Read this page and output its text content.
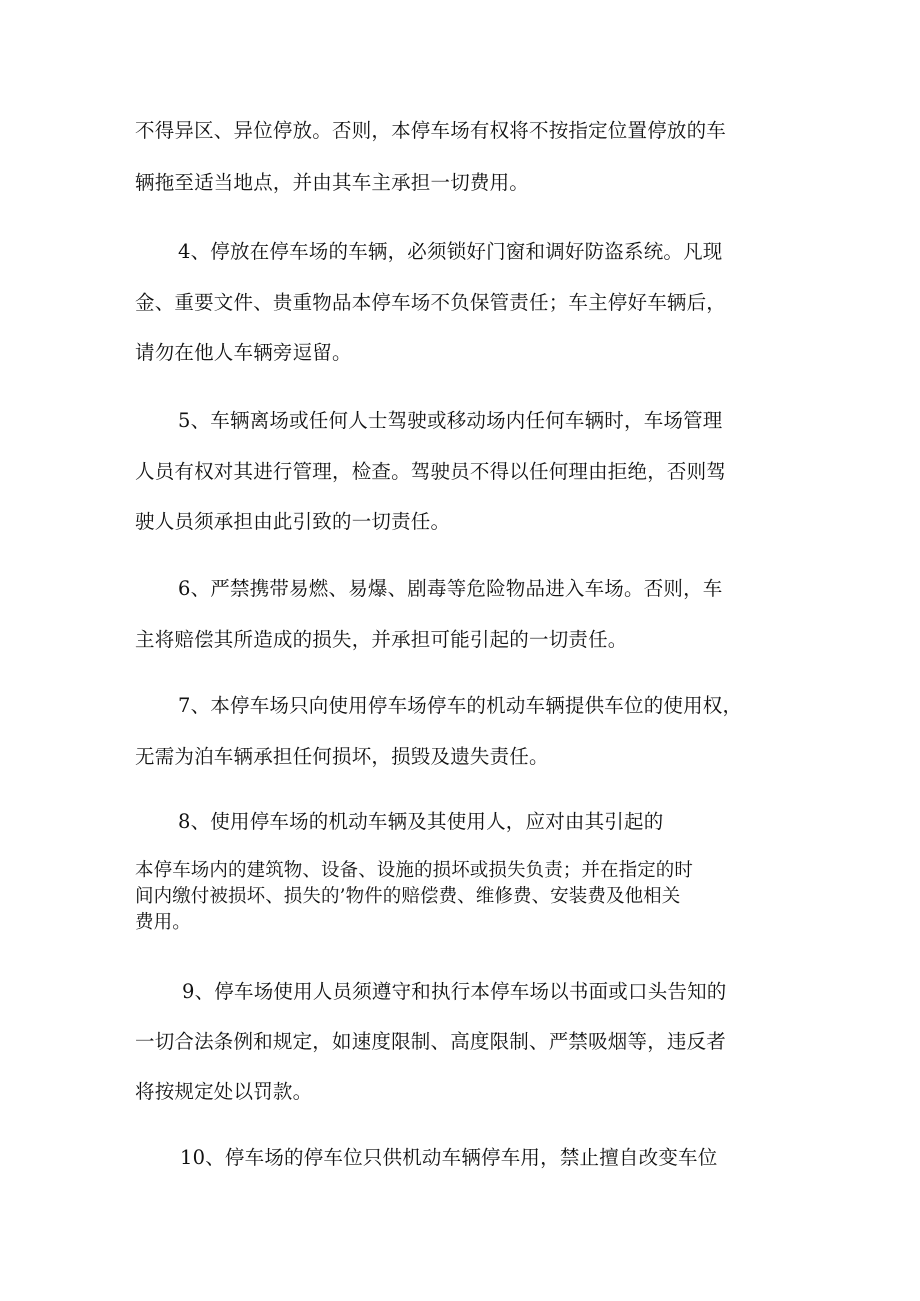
不得异区、异位停放。否则，本停车场有权将不按指定位置停放的车
辆拖至适当地点，并由其车主承担一切费用。
4、停放在停车场的车辆，必须锁好门窗和调好防盗系统。凡现
金、重要文件、贵重物品本停车场不负保管责任；车主停好车辆后，
请勿在他人车辆旁逗留。
5、车辆离场或任何人士驾驶或移动场内任何车辆时，车场管理
人员有权对其进行管理，检查。驾驶员不得以任何理由拒绝，否则驾
驶人员须承担由此引致的一切责任。
6、严禁携带易燃、易爆、剧毒等危险物品进入车场。否则，车
主将赔偿其所造成的损失，并承担可能引起的一切责任。
7、本停车场只向使用停车场停车的机动车辆提供车位的使用权，
无需为泊车辆承担任何损坏，损毁及遗失责任。
8、使用停车场的机动车辆及其使用人，应对由其引起的
本停车场内的建筑物、设备、设施的损坏或损失负责；并在指定的时
间内缴付被损坏、损失的’物件的赔偿费、维修费、安装费及他相关
费用。
9、停车场使用人员须遵守和执行本停车场以书面或口头告知的
一切合法条例和规定，如速度限制、高度限制、严禁吸烟等，违反者
将按规定处以罚款。
10、停车场的停车位只供机动车辆停车用，禁止擅自改变车位
